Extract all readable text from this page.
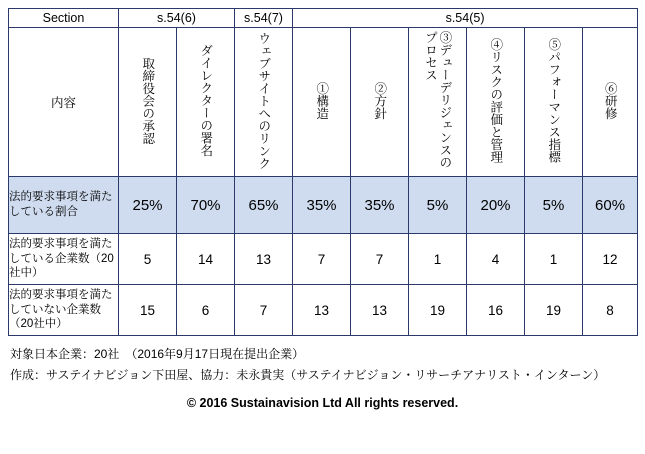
Section	s.54(6)		s.54(7)	s.54(5)					
内容	取締役会の承認	ダイレクターの署名	ウェブサイトへのリンク	①構造	②方針	③デューデリジェンスのプロセス	④リスクの評価と管理	⑤パフォーマンス指標	⑥研修
法的要求事項を満たしている割合	25%	70%	65%	35%	35%	5%	20%	5%	60%
法的要求事項を満たしている企業数（20社中）	5	14	13	7	7	1	4	1	12
法的要求事項を満たしていない企業数（20社中）	15	6	7	13	13	19	16	19	8
対象日本企業：20社　（2016年9月17日現在提出企業）
作成：サステイナビジョン下田屋、協力：未永貴実（サステイナビジョン・リサーチアナリスト・インターン）
© 2016 Sustainavision Ltd All rights reserved.
